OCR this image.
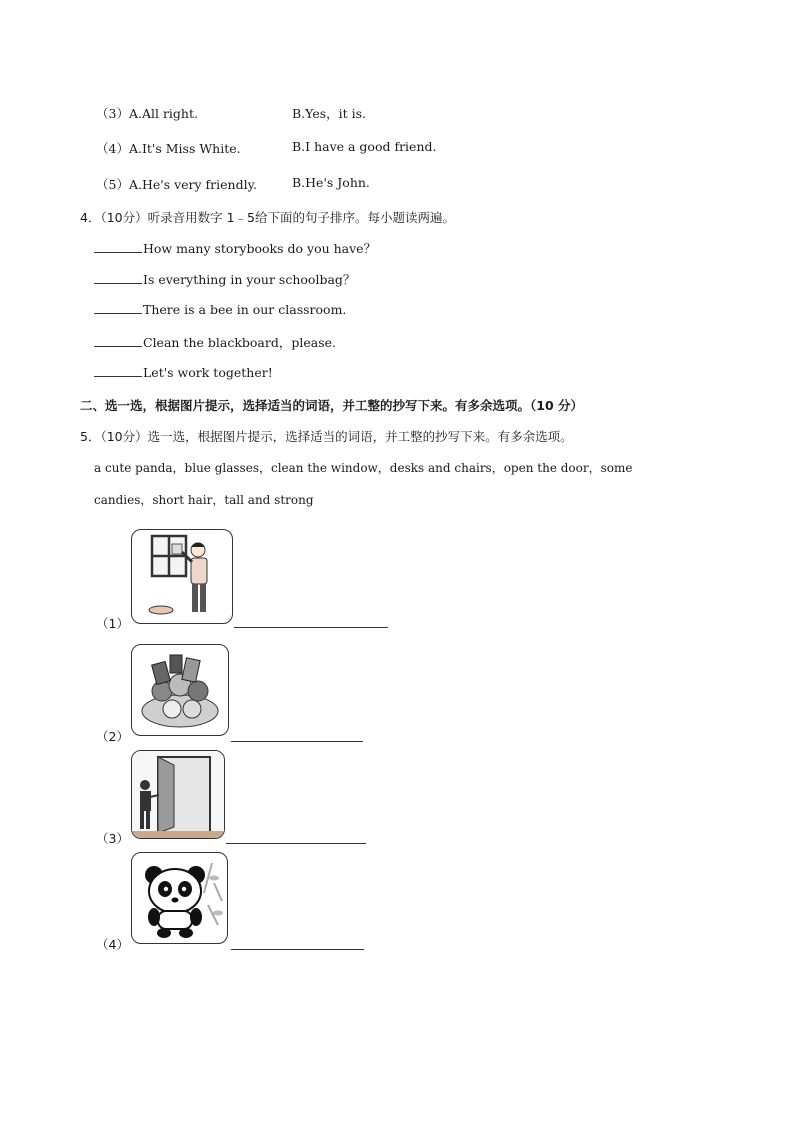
（3）A.All right.	B.Yes，it is.
（4）A.It's Miss White.	B.I have a good friend.
（5）A.He's very friendly.	B.He's John.
4．（10分）听录音用数字 1﹣5给下面的句子排序。每小题读两遍。
How many storybooks do you have？
Is everything in your schoolbag？
There is a bee in our classroom.
Clean the blackboard，please.
Let's work together!
二、选一选，根据图片提示，选择适当的词语，并工整的抄写下来。有多余选项。（10 分）
5．（10分）选一选，根据图片提示，选择适当的词语，并工整的抄写下来。有多余选项。
a cute panda，blue glasses，clean the window，desks and chairs，open the door，some
candies，short hair，tall and strong
（1）
（2）
（3）
（4）
